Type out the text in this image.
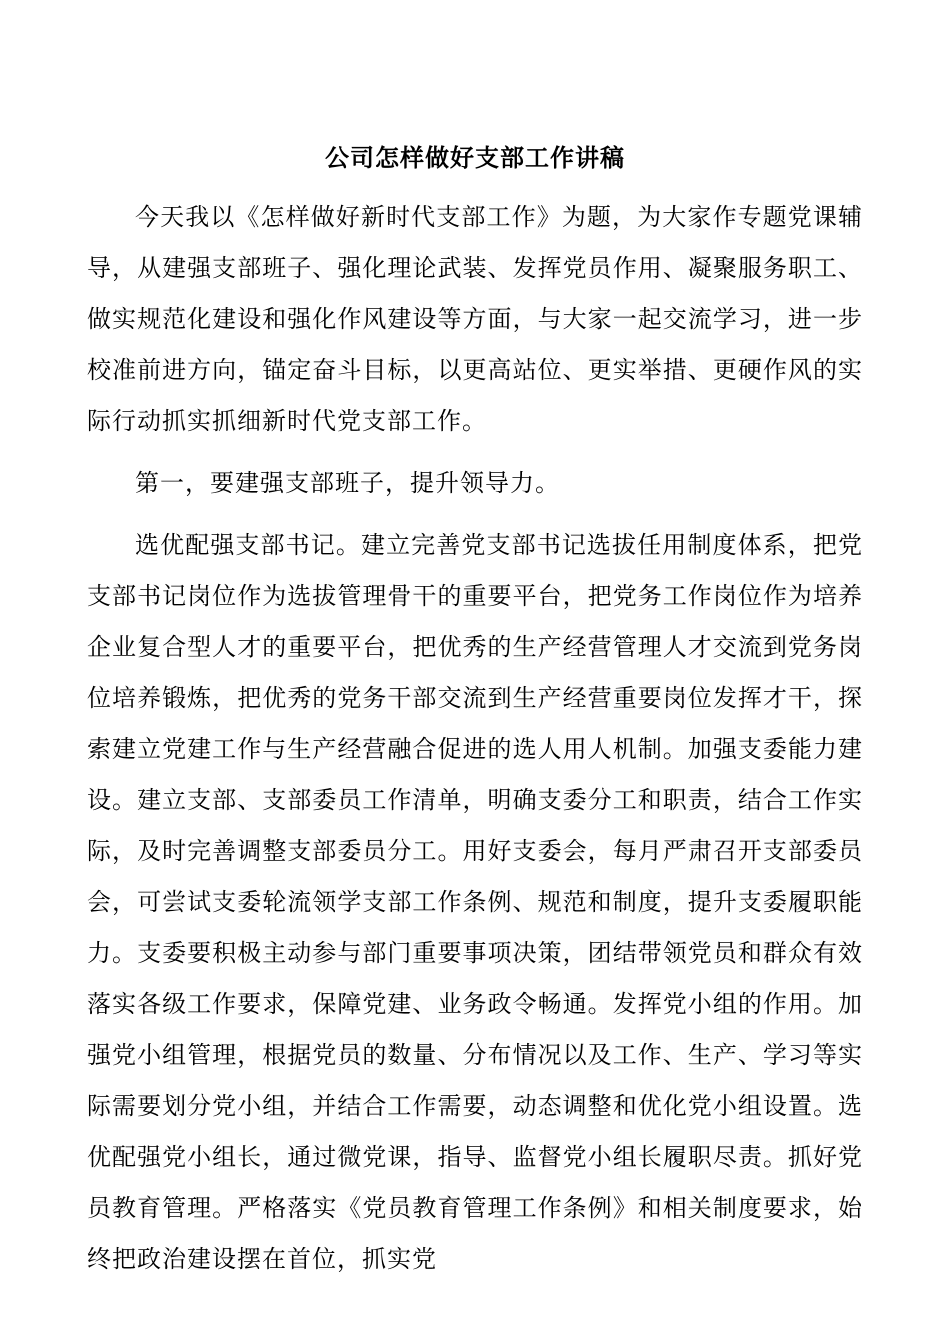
公司怎样做好支部工作讲稿

今天我以《怎样做好新时代支部工作》为题，为大家作专题党课辅导，从建强支部班子、强化理论武装、发挥党员作用、凝聚服务职工、做实规范化建设和强化作风建设等方面，与大家一起交流学习，进一步校准前进方向，锚定奋斗目标，以更高站位、更实举措、更硬作风的实际行动抓实抓细新时代党支部工作。

第一，要建强支部班子，提升领导力。

选优配强支部书记。建立完善党支部书记选拔任用制度体系，把党支部书记岗位作为选拔管理骨干的重要平台，把党务工作岗位作为培养企业复合型人才的重要平台，把优秀的生产经营管理人才交流到党务岗位培养锻炼，把优秀的党务干部交流到生产经营重要岗位发挥才干，探索建立党建工作与生产经营融合促进的选人用人机制。加强支委能力建设。建立支部、支部委员工作清单，明确支委分工和职责，结合工作实际，及时完善调整支部委员分工。用好支委会，每月严肃召开支部委员会，可尝试支委轮流领学支部工作条例、规范和制度，提升支委履职能力。支委要积极主动参与部门重要事项决策，团结带领党员和群众有效落实各级工作要求，保障党建、业务政令畅通。发挥党小组的作用。加强党小组管理，根据党员的数量、分布情况以及工作、生产、学习等实际需要划分党小组，并结合工作需要，动态调整和优化党小组设置。选优配强党小组长，通过微党课，指导、监督党小组长履职尽责。抓好党员教育管理。严格落实《党员教育管理工作条例》和相关制度要求，始终把政治建设摆在首位，抓实党
